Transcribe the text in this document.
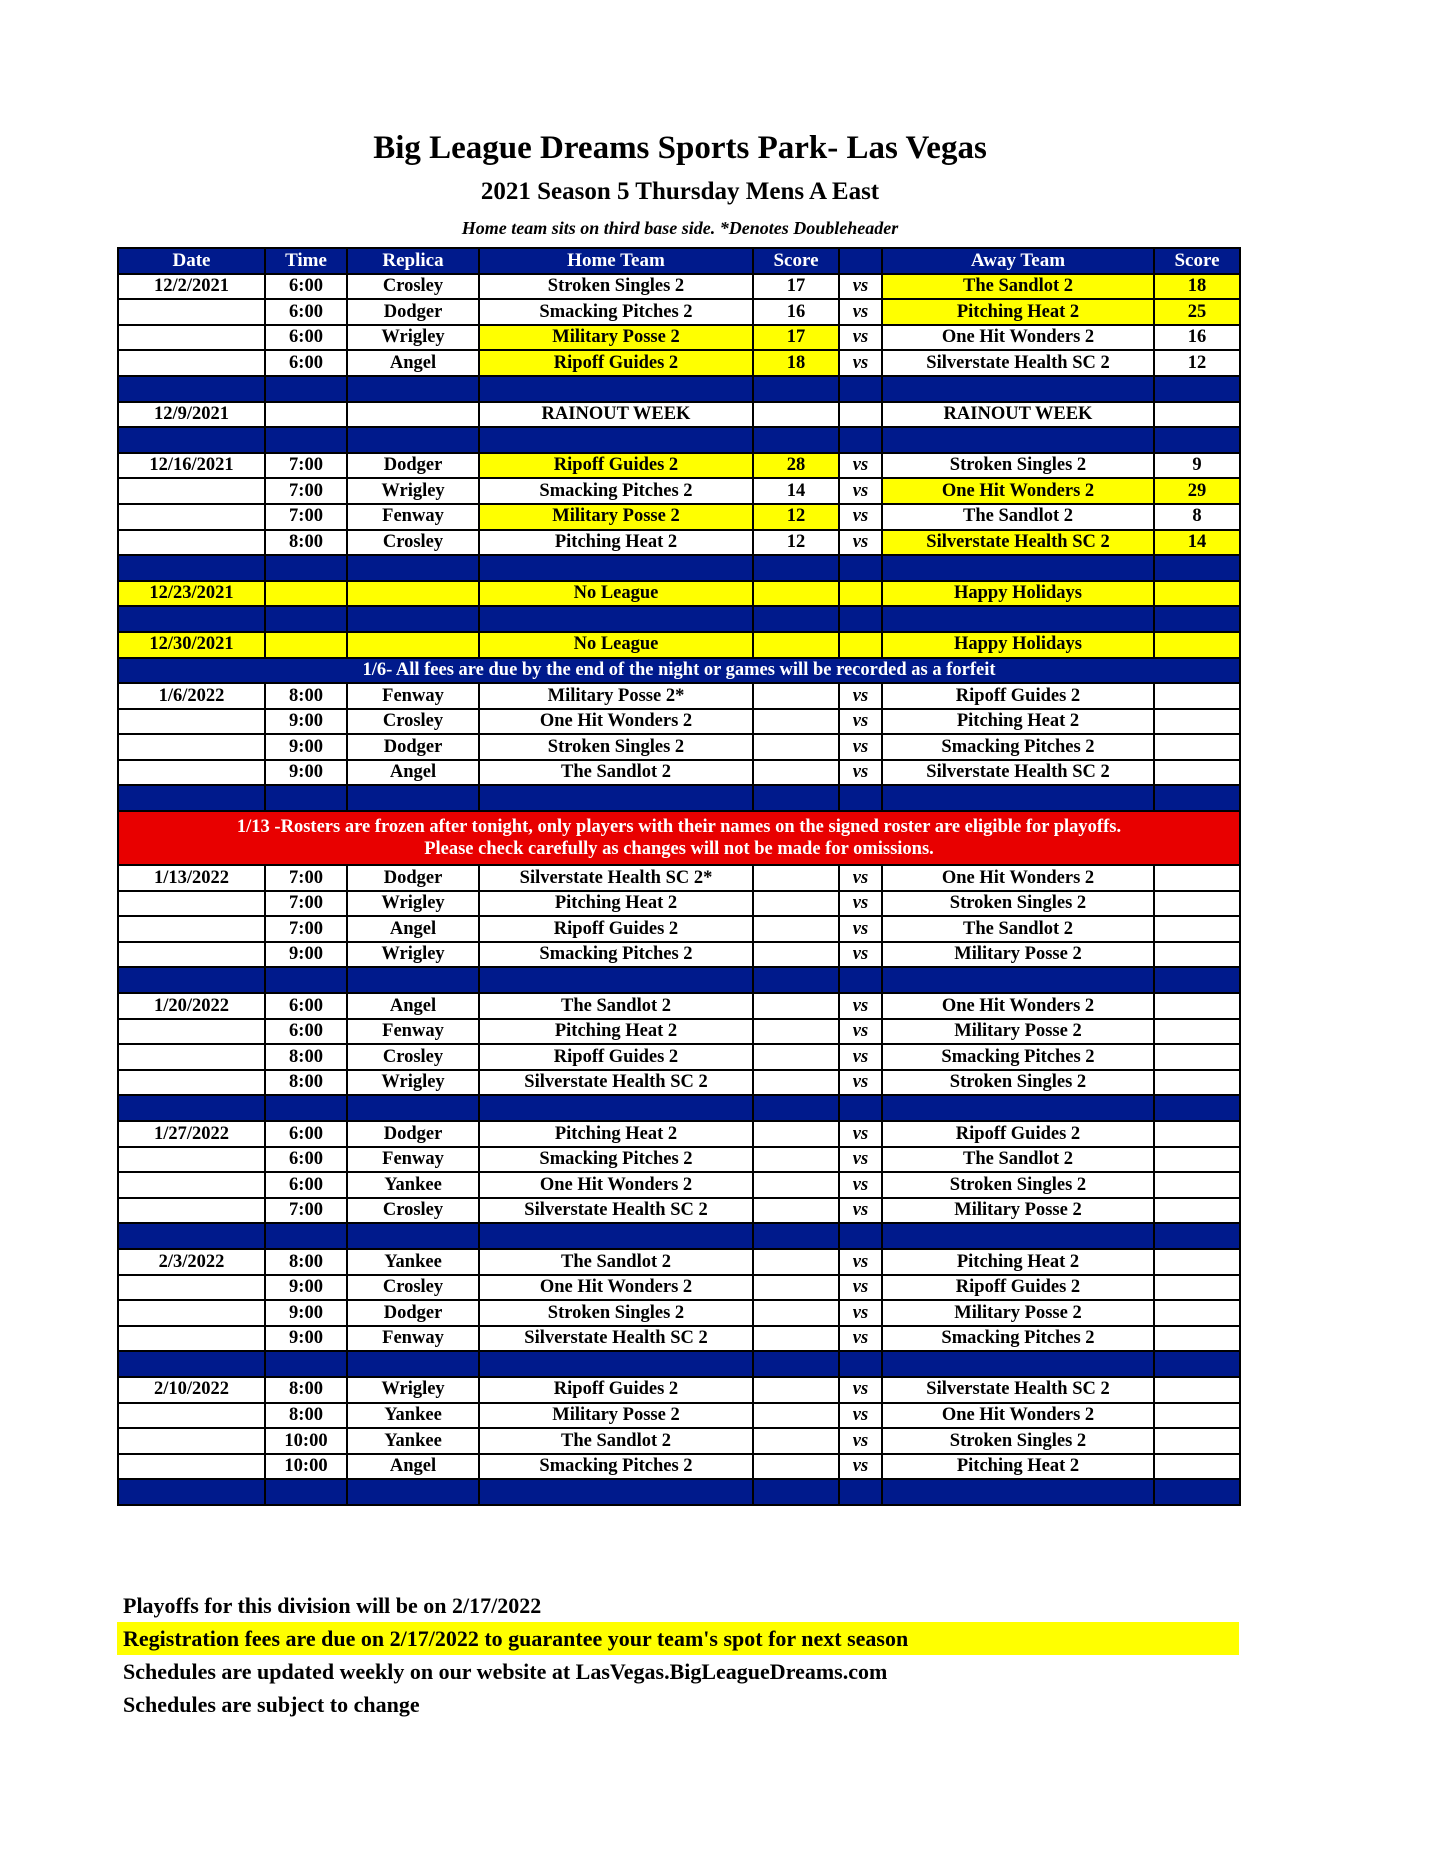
Big League Dreams Sports Park- Las Vegas
2021 Season 5 Thursday Mens A East
Home team sits on third base side. *Denotes Doubleheader
Date	Time	Replica	Home Team	Score		Away Team	Score
12/2/2021	6:00	Crosley	Stroken Singles 2	17	vs	The Sandlot 2	18
	6:00	Dodger	Smacking Pitches 2	16	vs	Pitching Heat 2	25
	6:00	Wrigley	Military Posse 2	17	vs	One Hit Wonders 2	16
	6:00	Angel	Ripoff Guides 2	18	vs	Silverstate Health SC 2	12

12/9/2021			RAINOUT WEEK			RAINOUT WEEK	

12/16/2021	7:00	Dodger	Ripoff Guides 2	28	vs	Stroken Singles 2	9
	7:00	Wrigley	Smacking Pitches 2	14	vs	One Hit Wonders 2	29
	7:00	Fenway	Military Posse 2	12	vs	The Sandlot 2	8
	8:00	Crosley	Pitching Heat 2	12	vs	Silverstate Health SC 2	14

12/23/2021			No League			Happy Holidays	

12/30/2021			No League			Happy Holidays	
1/6- All fees are due by the end of the night or games will be recorded as a forfeit							
1/6/2022	8:00	Fenway	Military Posse 2*		vs	Ripoff Guides 2	
	9:00	Crosley	One Hit Wonders 2		vs	Pitching Heat 2	
	9:00	Dodger	Stroken Singles 2		vs	Smacking Pitches 2	
	9:00	Angel	The Sandlot 2		vs	Silverstate Health SC 2	

1/13 -Rosters are frozen after tonight, only players with their names on the signed roster are eligible for playoffs.
Please check carefully as changes will not be made for omissions.							

1/13/2022	7:00	Dodger	Silverstate Health SC 2*		vs	One Hit Wonders 2	
	7:00	Wrigley	Pitching Heat 2		vs	Stroken Singles 2	
	7:00	Angel	Ripoff Guides 2		vs	The Sandlot 2	
	9:00	Wrigley	Smacking Pitches 2		vs	Military Posse 2	

1/20/2022	6:00	Angel	The Sandlot 2		vs	One Hit Wonders 2	
	6:00	Fenway	Pitching Heat 2		vs	Military Posse 2	
	8:00	Crosley	Ripoff Guides 2		vs	Smacking Pitches 2	
	8:00	Wrigley	Silverstate Health SC 2		vs	Stroken Singles 2	

1/27/2022	6:00	Dodger	Pitching Heat 2		vs	Ripoff Guides 2	
	6:00	Fenway	Smacking Pitches 2		vs	The Sandlot 2	
	6:00	Yankee	One Hit Wonders 2		vs	Stroken Singles 2	
	7:00	Crosley	Silverstate Health SC 2		vs	Military Posse 2	

2/3/2022	8:00	Yankee	The Sandlot 2		vs	Pitching Heat 2	
	9:00	Crosley	One Hit Wonders 2		vs	Ripoff Guides 2	
	9:00	Dodger	Stroken Singles 2		vs	Military Posse 2	
	9:00	Fenway	Silverstate Health SC 2		vs	Smacking Pitches 2	

2/10/2022	8:00	Wrigley	Ripoff Guides 2		vs	Silverstate Health SC 2	
	8:00	Yankee	Military Posse 2		vs	One Hit Wonders 2	
	10:00	Yankee	The Sandlot 2		vs	Stroken Singles 2	
	10:00	Angel	Smacking Pitches 2		vs	Pitching Heat 2	

Playoffs for this division will be on 2/17/2022
Registration fees are due on 2/17/2022 to guarantee your team's spot for next season
Schedules are updated weekly on our website at LasVegas.BigLeagueDreams.com
Schedules are subject to change
